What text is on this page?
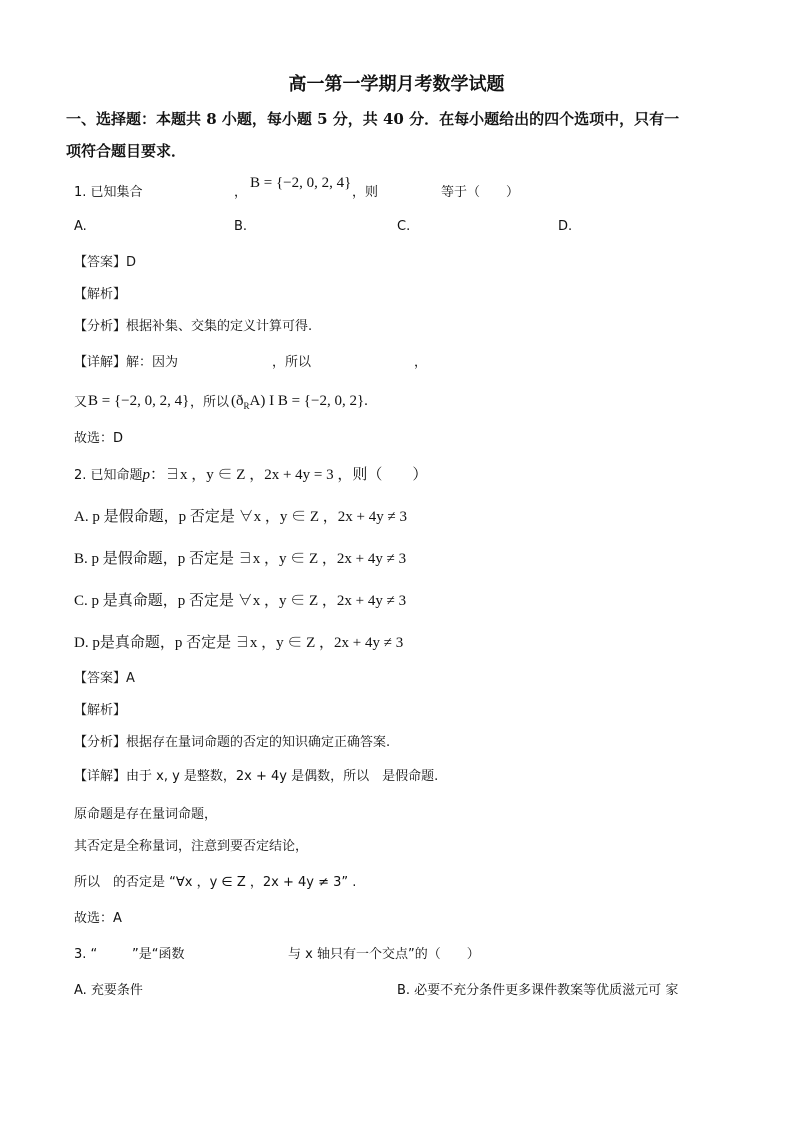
高一第一学期月考数学试题
一、选择题：本题共 8 小题，每小题 5 分，共 40 分．在每小题给出的四个选项中，只有一
项符合题目要求．
1. 已知集合	，
B = {−2, 0, 2, 4}
，则	等于（　　）
A.	B.	C.	D.
【答案】D
【解析】
【分析】根据补集、交集的定义计算可得.
【详解】解：因为	，所以	，
又 B = {−2, 0, 2, 4} ，所以 $(ð_RA)$ I B = {−2, 0, 2}.
故选：D
2. 已知命题p：∃x ，y ∈ Z ，2x + 4y = 3 ，则（　　）
A. p 是假命题，p 否定是 ∀x ，y ∈ Z ，2x + 4y ≠ 3
B. p 是假命题，p 否定是 ∃x ，y ∈ Z ，2x + 4y ≠ 3
C. p 是真命题，p 否定是 ∀x ，y ∈ Z ，2x + 4y ≠ 3
D. p是真命题，p 否定是 ∃x ，y ∈ Z ，2x + 4y ≠ 3
【答案】A
【解析】
【分析】根据存在量词命题的否定的知识确定正确答案.
【详解】由于 x, y 是整数，2x + 4y 是偶数，所以　是假命题.
原命题是存在量词命题，
其否定是全称量词，注意到要否定结论，
所以　的否定是 “∀x ，y ∈ Z ，2x + 4y ≠ 3” .
故选：A
3. “	”是“函数	与 x 轴只有一个交点”的（　　）
A. 充要条件	B. 必要不充分条件更多课件教案等优质滋元可 家
